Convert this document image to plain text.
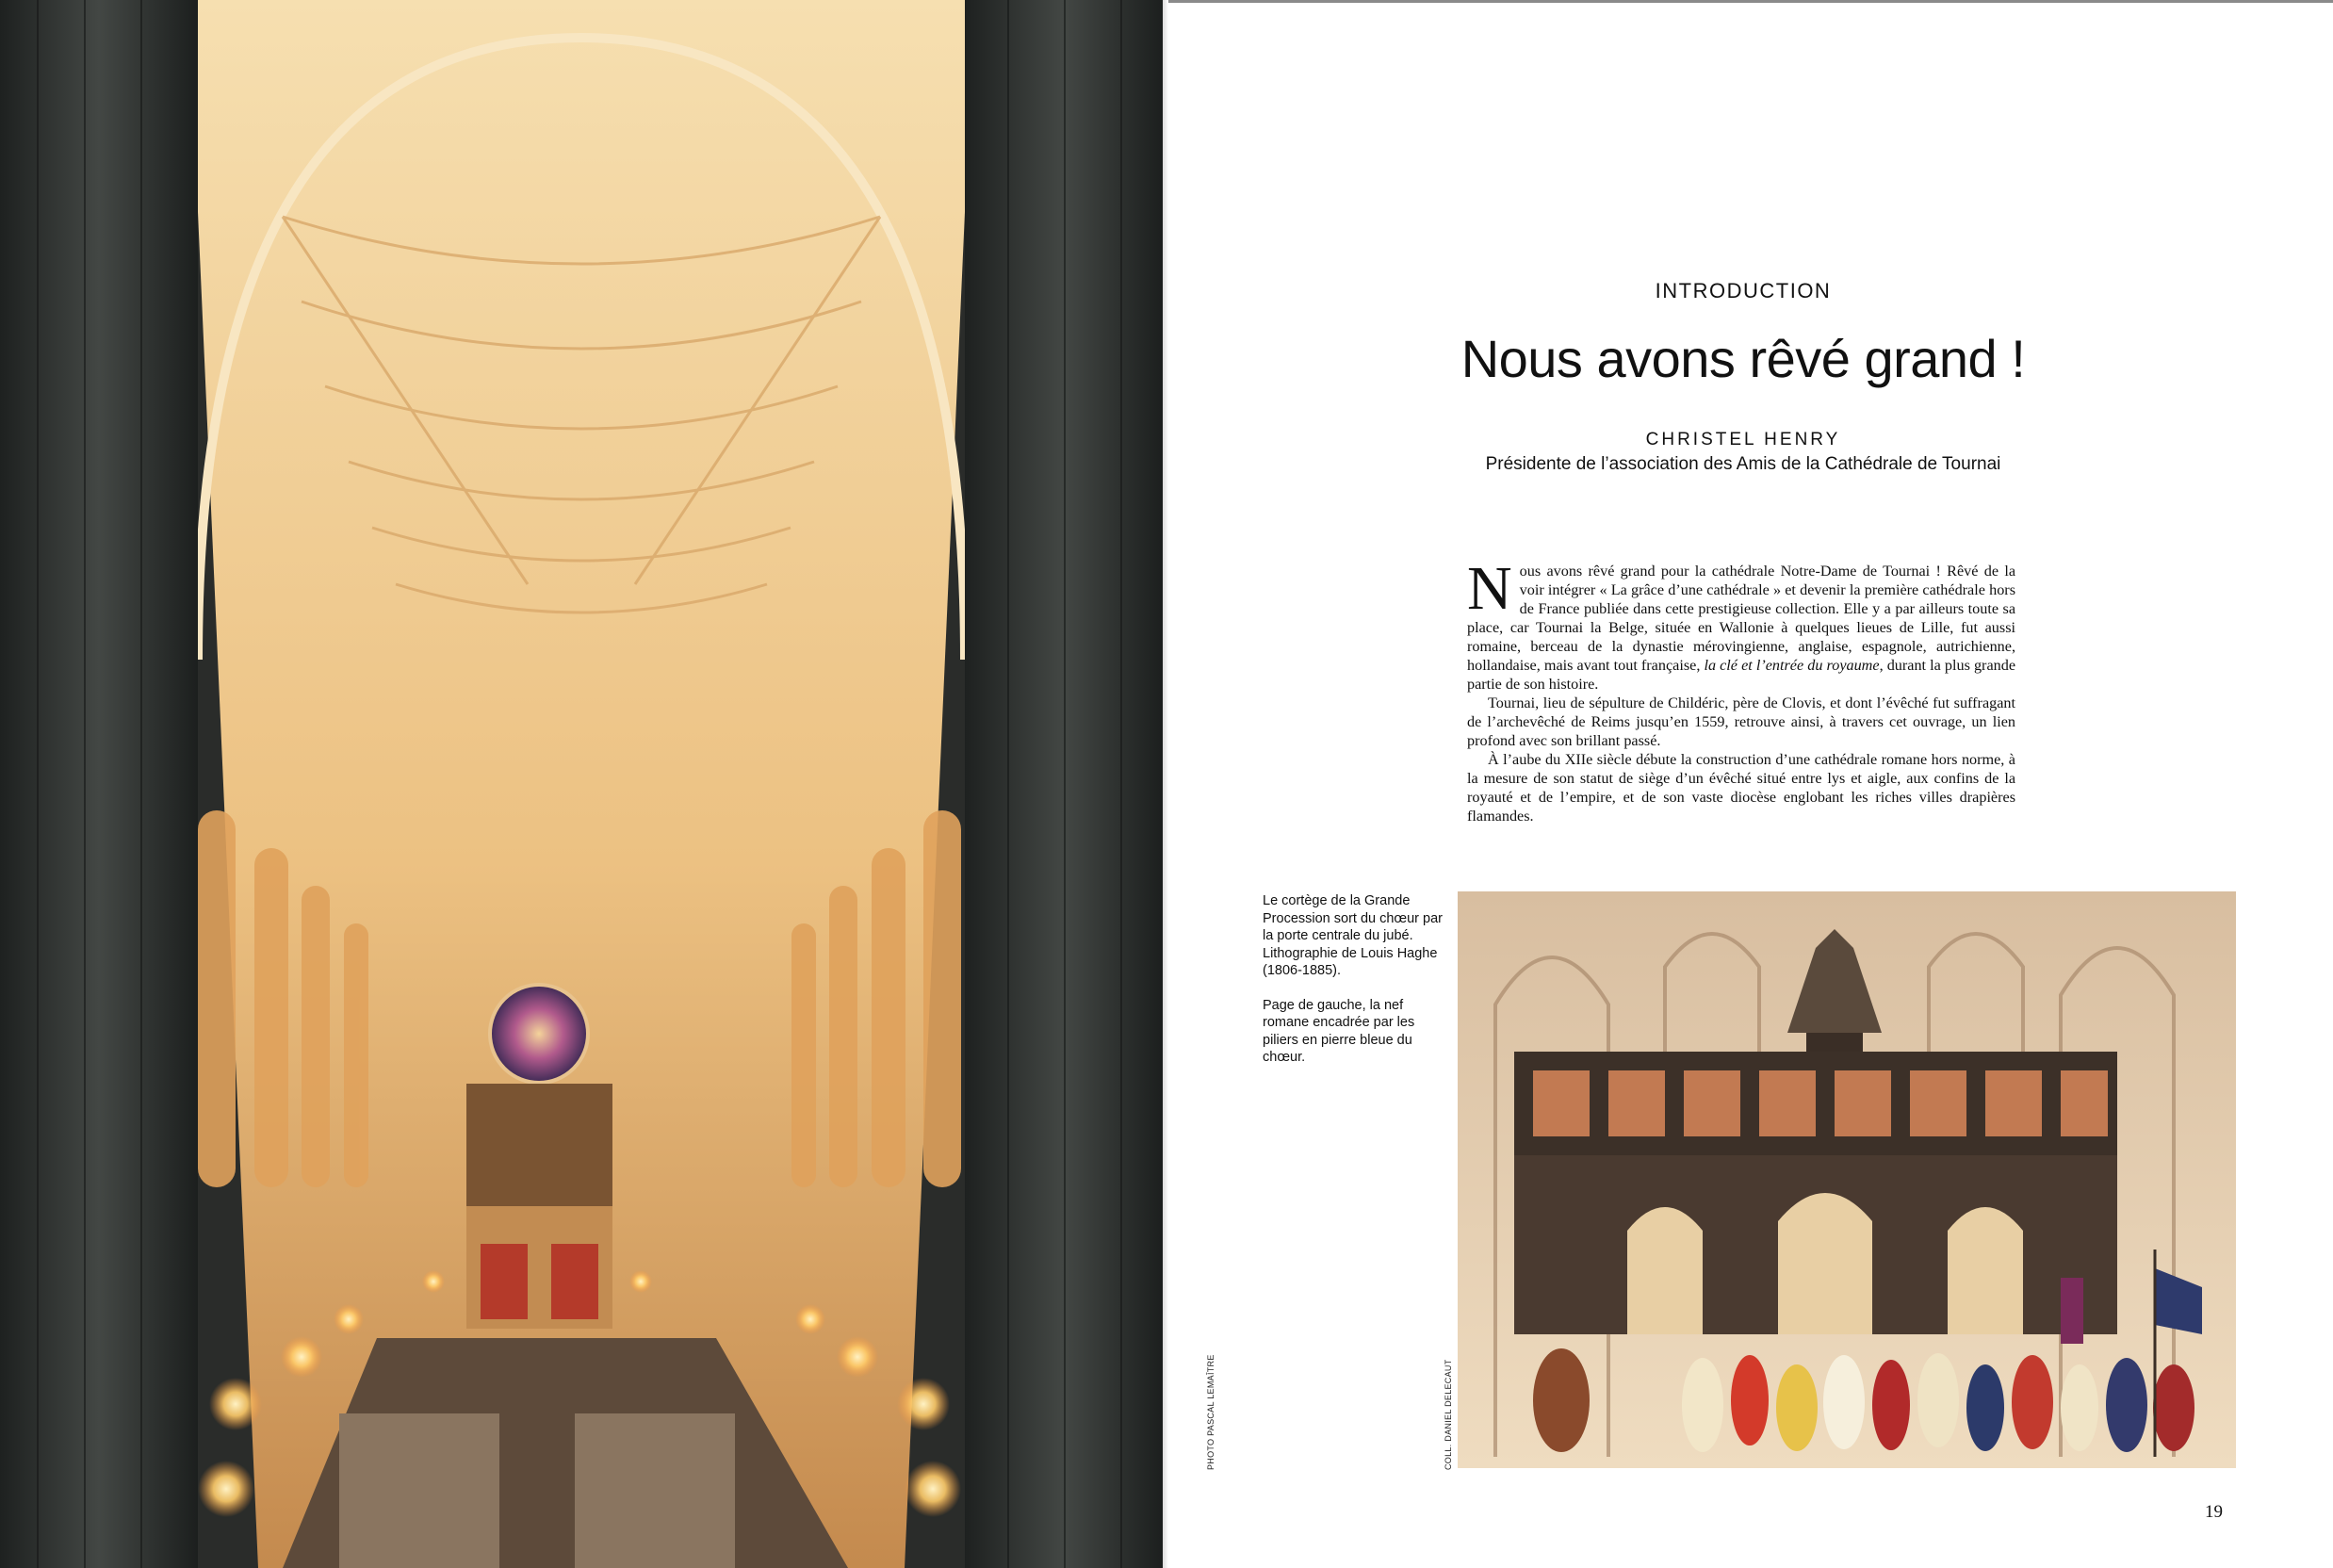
PHOTO PASCAL LEMAÎTRE	COLL. DANIEL DELECAUT
INTRODUCTION
Nous avons rêvé grand !
CHRISTEL HENRY
Présidente de l’association des Amis de la Cathédrale de Tournai

Nous avons rêvé grand pour la cathédrale Notre-Dame de Tournai ! Rêvé de la voir intégrer « La grâce d’une cathédrale » et devenir la première cathédrale hors de France publiée dans cette prestigieuse collection. Elle y a par ailleurs toute sa place, car Tournai la Belge, située en Wallonie à quelques lieues de Lille, fut aussi romaine, berceau de la dynastie mérovingienne, anglaise, espagnole, autrichienne, hollandaise, mais avant tout française, la clé et l’entrée du royaume, durant la plus grande partie de son histoire.

Tournai, lieu de sépulture de Childéric, père de Clovis, et dont l’évêché fut suffragant de l’archevêché de Reims jusqu’en 1559, retrouve ainsi, à travers cet ouvrage, un lien profond avec son brillant passé.

À l’aube du XIIe siècle débute la construction d’une cathédrale romane hors norme, à la mesure de son statut de siège d’un évêché situé entre lys et aigle, aux confins de la royauté et de l’empire, et de son vaste diocèse englobant les riches villes drapières flamandes.

Le cortège de la Grande Procession sort du chœur par la porte centrale du jubé. Lithographie de Louis Haghe (1806-1885).

Page de gauche, la nef romane encadrée par les piliers en pierre bleue du chœur.

19
